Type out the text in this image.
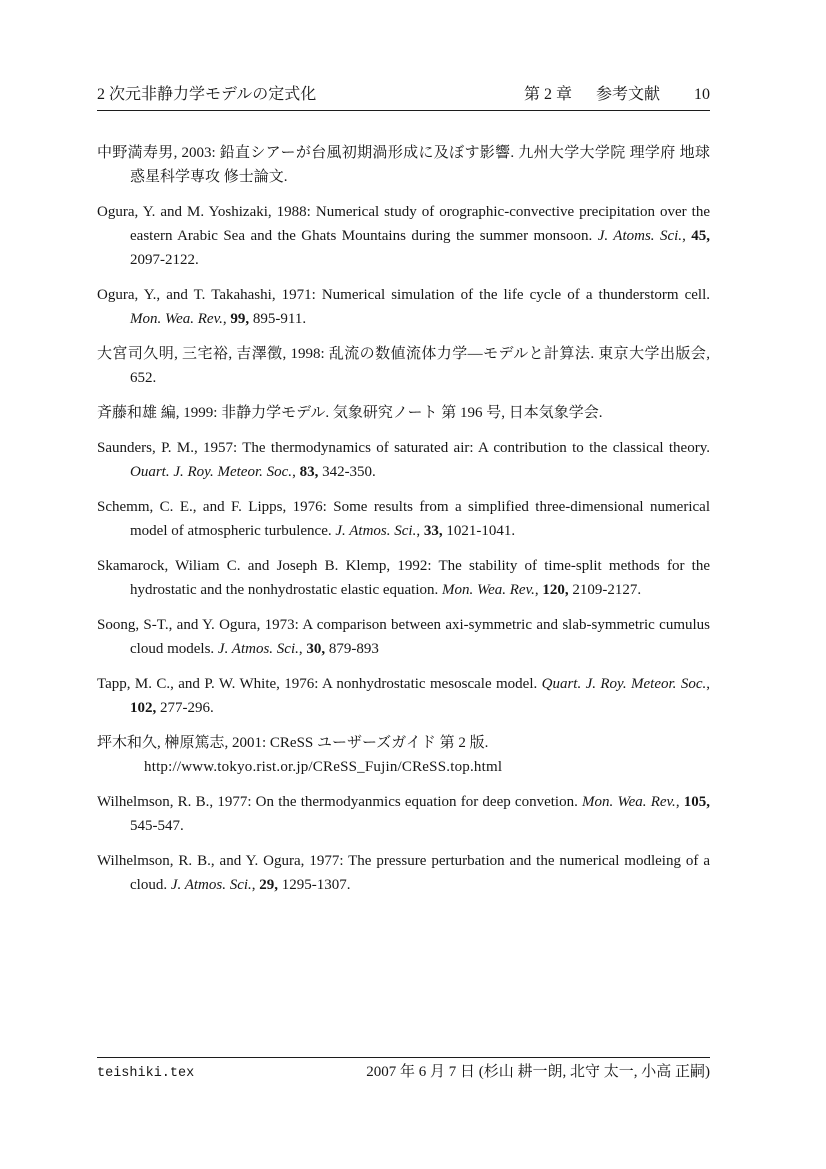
2 次元非静力学モデルの定式化	第 2 章 参考文献 10

中野満寿男, 2003: 鉛直シアーが台風初期渦形成に及ぼす影響. 九州大学大学院 理学府 地球惑星科学専攻 修士論文.

Ogura, Y. and M. Yoshizaki, 1988: Numerical study of orographic-convective precipitation over the eastern Arabic Sea and the Ghats Mountains during the summer monsoon. J. Atoms. Sci., 45, 2097-2122.

Ogura, Y., and T. Takahashi, 1971: Numerical simulation of the life cycle of a thunderstorm cell. Mon. Wea. Rev., 99, 895-911.

大宮司久明, 三宅裕, 吉澤徴, 1998: 乱流の数値流体力学—モデルと計算法. 東京大学出版会, 652.

斉藤和雄 編, 1999: 非静力学モデル. 気象研究ノート 第 196 号, 日本気象学会.

Saunders, P. M., 1957: The thermodynamics of saturated air: A contribution to the classical theory. Ouart. J. Roy. Meteor. Soc., 83, 342-350.

Schemm, C. E., and F. Lipps, 1976: Some results from a simplified three-dimensional numerical model of atmospheric turbulence. J. Atmos. Sci., 33, 1021-1041.

Skamarock, Wiliam C. and Joseph B. Klemp, 1992: The stability of time-split methods for the hydrostatic and the nonhydrostatic elastic equation. Mon. Wea. Rev., 120, 2109-2127.

Soong, S-T., and Y. Ogura, 1973: A comparison between axi-symmetric and slab-symmetric cumulus cloud models. J. Atmos. Sci., 30, 879-893

Tapp, M. C., and P. W. White, 1976: A nonhydrostatic mesoscale model. Quart. J. Roy. Meteor. Soc., 102, 277-296.

坪木和久, 榊原篤志, 2001: CReSS ユーザーズガイド 第 2 版.
http://www.tokyo.rist.or.jp/CReSS_Fujin/CReSS.top.html

Wilhelmson, R. B., 1977: On the thermodyanmics equation for deep convetion. Mon. Wea. Rev., 105, 545-547.

Wilhelmson, R. B., and Y. Ogura, 1977: The pressure perturbation and the numerical modleing of a cloud. J. Atmos. Sci., 29, 1295-1307.

teishiki.tex	2007 年 6 月 7 日 (杉山 耕一朗, 北守 太一, 小高 正嗣)
